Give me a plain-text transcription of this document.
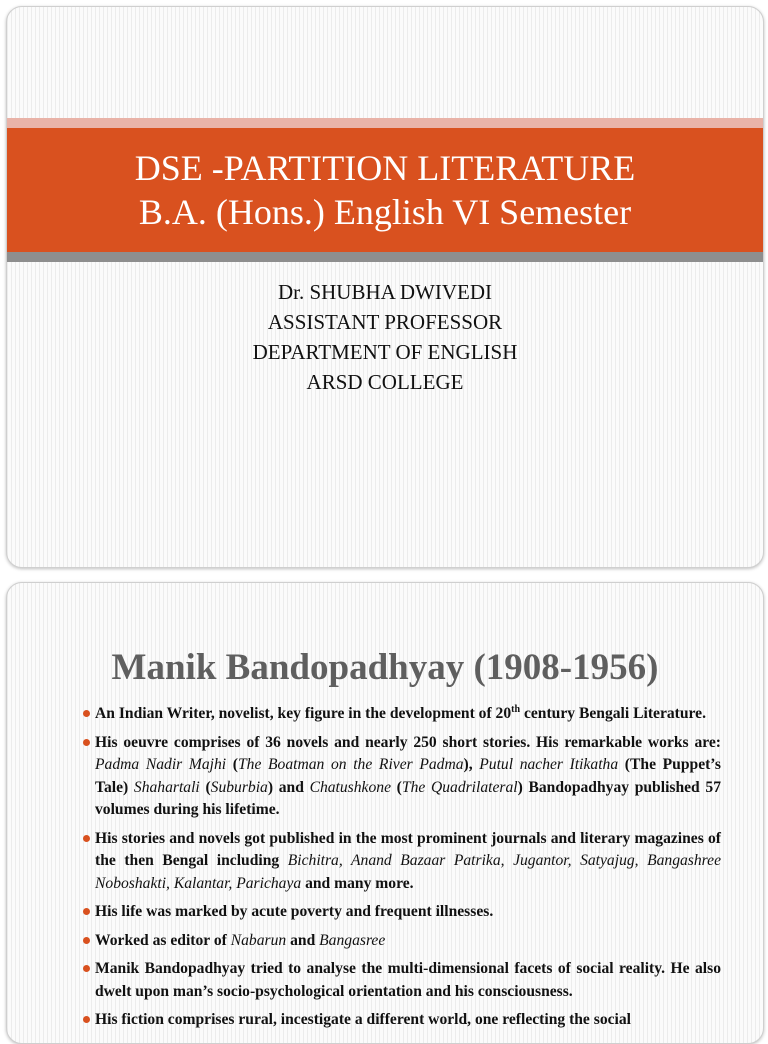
DSE -PARTITION LITERATURE
B.A. (Hons.) English VI Semester
Dr. SHUBHA DWIVEDI
ASSISTANT PROFESSOR
DEPARTMENT OF ENGLISH
ARSD COLLEGE
Manik Bandopadhyay (1908-1956)
An Indian Writer, novelist, key figure in the development of 20th century Bengali Literature.
His oeuvre comprises of 36 novels and nearly 250 short stories. His remarkable works are: Padma Nadir Majhi (The Boatman on the River Padma), Putul nacher Itikatha (The Puppet’s Tale) Shahartali (Suburbia) and Chatushkone (The Quadrilateral) Bandopadhyay published 57 volumes during his lifetime.
His stories and novels got published in the most prominent journals and literary magazines of the then Bengal including Bichitra, Anand Bazaar Patrika, Jugantor, Satyajug, Bangashree Noboshakti, Kalantar, Parichaya and many more.
His life was marked by acute poverty and frequent illnesses.
Worked as editor of Nabarun and Bangasree
Manik Bandopadhyay tried to analyse the multi-dimensional facets of social reality. He also dwelt upon man’s socio-psychological orientation and his consciousness.
His fiction comprises rural, incestigate a different world, one reflecting the social
